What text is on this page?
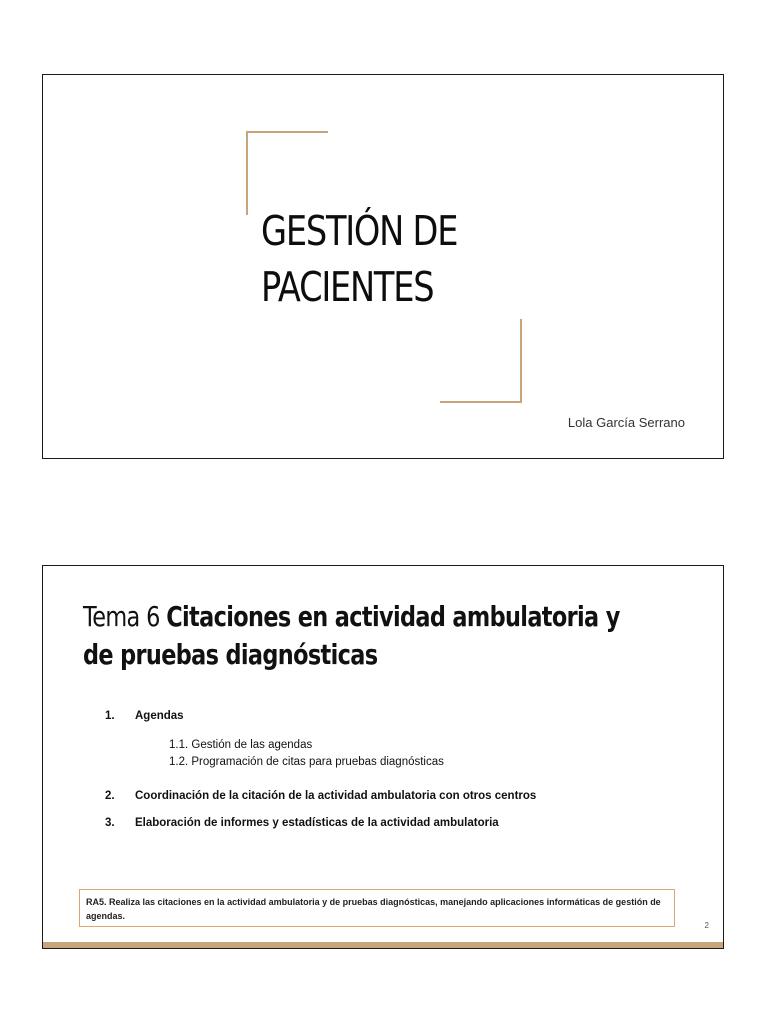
GESTIÓN DE
PACIENTES
Lola García Serrano
Tema 6 Citaciones en actividad ambulatoria y de pruebas diagnósticas
1. Agendas
1.1. Gestión de las agendas
1.2. Programación de citas para pruebas diagnósticas
2. Coordinación de la citación de la actividad ambulatoria con otros centros
3. Elaboración de informes y estadísticas de la actividad ambulatoria
RA5. Realiza las citaciones en la actividad ambulatoria y de pruebas diagnósticas, manejando aplicaciones informáticas de gestión de agendas.
2
